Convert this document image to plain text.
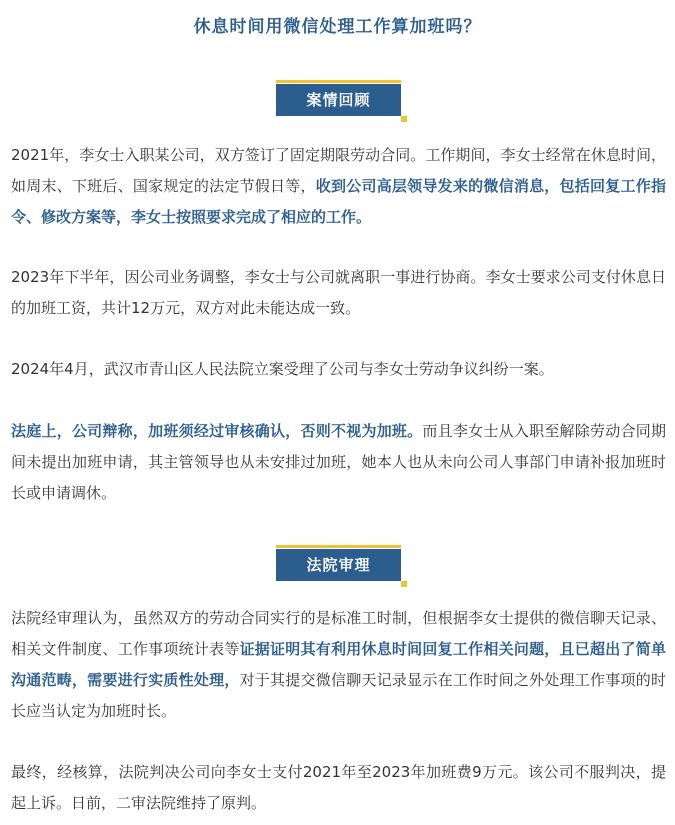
休息时间用微信处理工作算加班吗？
案情回顾

2021年，李女士入职某公司，双方签订了固定期限劳动合同。工作期间，李女士经常在休息时间，如周末、下班后、国家规定的法定节假日等，收到公司高层领导发来的微信消息，包括回复工作指令、修改方案等，李女士按照要求完成了相应的工作。

2023年下半年，因公司业务调整，李女士与公司就离职一事进行协商。李女士要求公司支付休息日的加班工资，共计12万元，双方对此未能达成一致。

2024年4月，武汉市青山区人民法院立案受理了公司与李女士劳动争议纠纷一案。

法庭上，公司辩称，加班须经过审核确认，否则不视为加班。而且李女士从入职至解除劳动合同期间未提出加班申请，其主管领导也从未安排过加班，她本人也从未向公司人事部门申请补报加班时长或申请调休。

法院审理

法院经审理认为，虽然双方的劳动合同实行的是标准工时制，但根据李女士提供的微信聊天记录、相关文件制度、工作事项统计表等证据证明其有利用休息时间回复工作相关问题，且已超出了简单沟通范畴，需要进行实质性处理，对于其提交微信聊天记录显示在工作时间之外处理工作事项的时长应当认定为加班时长。

最终，经核算，法院判决公司向李女士支付2021年至2023年加班费9万元。该公司不服判决，提起上诉。日前，二审法院维持了原判。
